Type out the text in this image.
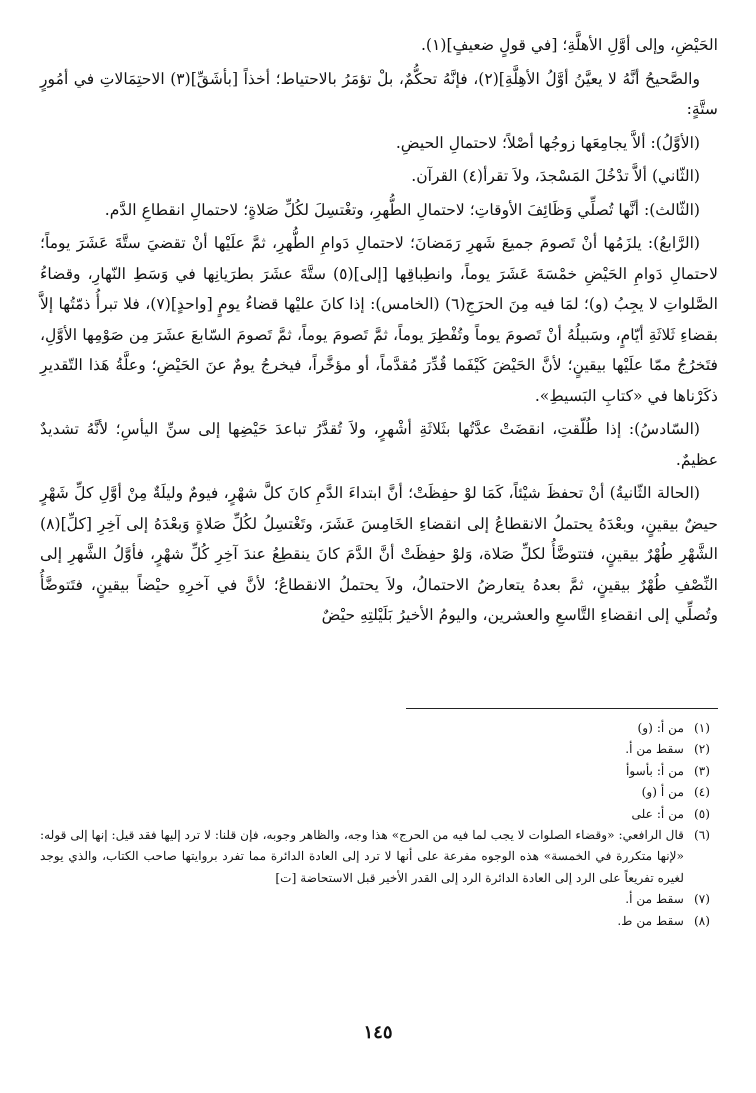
الحَيْضِ، وإلى أوَّلِ الأهلَّةِ؛ [في قولٍ ضعيفٍ](١).

والصَّحيحُ أنَّهُ لا يعيَّنُ أوَّلُ الأهِلَّةِ](٢)، فإنَّهُ تحكُّمٌ، بلْ تؤمَرُ بالاحتياط؛ أخذاً [بأشَقِّ](٣) الاحتِمَالاتِ في أمُورٍ ستَّةٍ:

(الأوَّلُ): ألاَّ يجامِعَها زوجُها أصْلاً؛ لاحتمالِ الحيضِ.

(الثّاني) ألاَّ تدْخُلَ المَسْجدَ، ولاَ تقرأ(٤) القرآن.

(الثّالث): أنَّها تُصلِّي وَظَائِفَ الأوقاتِ؛ لاحتمالِ الطُّهرِ، وتغْتسِلَ لكُلِّ صَلاةٍ؛ لاحتمالِ انقطاعِ الدَّم.

(الرَّابعُ): يلزَمُها أنْ تَصومَ جميعَ شَهرِ رَمَضانَ؛ لاحتمالِ دَوامِ الطُّهرِ، ثمَّ علَيْها أنْ تقضيَ ستَّةَ عَشَرَ يوماً؛ لاحتمالِ دَوامِ الحَيْضِ خمْسَةَ عَشَرَ يوماً، وانطِباقِها [إلى](٥) ستَّةَ عشَرَ بطرَيانِها في وَسَطِ النّهارِ، وقضاءُ الصَّلواتِ لا يجِبُ (و)؛ لمَا فيه مِنَ الحرَجِ(٦) (الخامس): إذا كانَ عليْها قضاءُ يومٍ [واحدٍ](٧)، فلا تبرأُ ذمّتُها إلاَّ بقضاءِ ثَلاثَةِ أيّامٍ، وسَبيلُهُ أنْ تَصومَ يوماً وتُفْطِرَ يوماً، ثمَّ تَصومَ يوماً، ثمَّ تَصومَ السّابعَ عشَرَ مِن صَوْمِها الأوَّلِ، فتَخرُجُ ممّا علَيْها بيقينٍ؛ لأنَّ الحَيْضَ كَيْفَما قُدِّرَ مُقدَّماً، أو مؤخَّراً، فيخرجُ يومٌ عنَ الحَيْضِ؛ وعلَّةُ هَذا التّقديرِ ذكَرْناها في «كتابِ البَسيطِ».

(السّادسُ): إذا طُلّقتِ، انقضَتْ عدَّتُها بثَلاثَةِ أشْهرٍ، ولاَ تُقدَّرُ تباعدَ حَيْضِها إلى سنِّ اليأسِ؛ لأنَّهُ تشديدٌ عظيمٌ.

(الحالة الثّانيةُ) أنْ تحفظَ شيْئاً، كَمَا لوْ حفِظَتْ؛ أنَّ ابتداءَ الدَّمِ كانَ كلَّ شهْرٍ، فيومٌ وليلَةٌ مِنْ أوَّلِ كلِّ شَهْرٍ حيضٌ بيقينٍ، وبعْدَهُ يحتملُ الانقطاعُ إلى انقضاءِ الخَامِسَ عَشَرَ، وتَغْتسِلُ لكُلِّ صَلاةٍ وَبعْدَهُ إلى آخِرِ [كلِّ](٨) الشَّهْرِ طُهْرٌ بيقينٍ، فتتوضَّأُ لكلِّ صَلاة، وَلوْ حفِظَتْ أنَّ الدَّمَ كانَ ينقطِعُ عندَ آخِرِ كُلِّ شهْرٍ، فأوَّلُ الشَّهرِ إلى النِّصْفِ طُهْرٌ بيقينٍ، ثمَّ بعدهُ يتعارضُ الاحتمالُ، ولاَ يحتملُ الانقطاعُ؛ لأنَّ في آخرِهِ حيْضاً بيقينٍ، فتَتوضَّأُ وتُصلِّي إلى انقضاءِ التَّاسعِ والعشرين، واليومُ الأخيرُ بَلَيْلتِهِ حيْضٌ

(١)
من أ: (و)
(٢)
سقط من أ.
(٣)
من أ: بأسوأ
(٤)
من أ (و)
(٥)
من أ: على
(٦)
قال الرافعي: «وقضاء الصلوات لا يجب لما فيه من الحرج» هذا وجه، والظاهر وجوبه، فإن قلنا: لا ترد إليها فقد قيل: إنها إلى قوله: «لإنها متكررة في الخمسة» هذه الوجوه مفرعة على أنها لا ترد إلى العادة الدائرة مما تفرد بروايتها صاحب الكتاب، والذي يوجد لغيره تفريعاً على الرد إلى العادة الدائرة الرد إلى القدر الأخير قبل الاستحاضة [ت]
(٧)
سقط من أ.
(٨)
سقط من ط.
١٤٥
